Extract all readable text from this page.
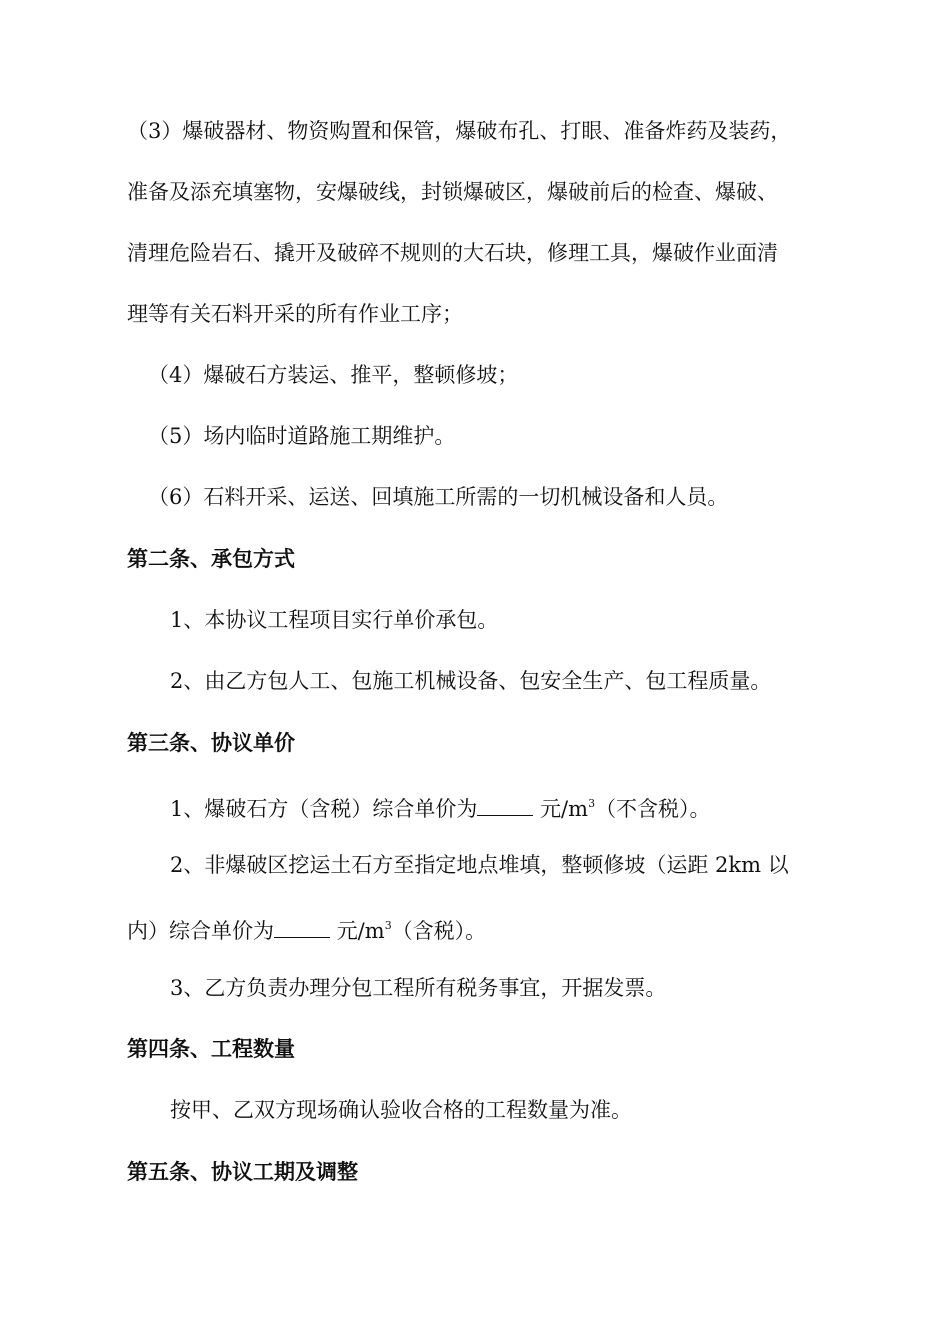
（3）爆破器材、物资购置和保管，爆破布孔、打眼、准备炸药及装药，
准备及添充填塞物，安爆破线，封锁爆破区，爆破前后的检查、爆破、
清理危险岩石、撬开及破碎不规则的大石块，修理工具，爆破作业面清
理等有关石料开采的所有作业工序；
（4）爆破石方装运、推平，整顿修坡；
（5）场内临时道路施工期维护。
（6）石料开采、运送、回填施工所需的一切机械设备和人员。
第二条、承包方式
1、本协议工程项目实行单价承包。
2、由乙方包人工、包施工机械设备、包安全生产、包工程质量。
第三条、协议单价
1、爆破石方（含税）综合单价为	元$/m^3$（不含税）。
2、非爆破区挖运土石方至指定地点堆填，整顿修坡（运距 2km 以
内）综合单价为	元$/m^3$（含税）。
3、乙方负责办理分包工程所有税务事宜，开据发票。
第四条、工程数量
按甲、乙双方现场确认验收合格的工程数量为准。
第五条、协议工期及调整
